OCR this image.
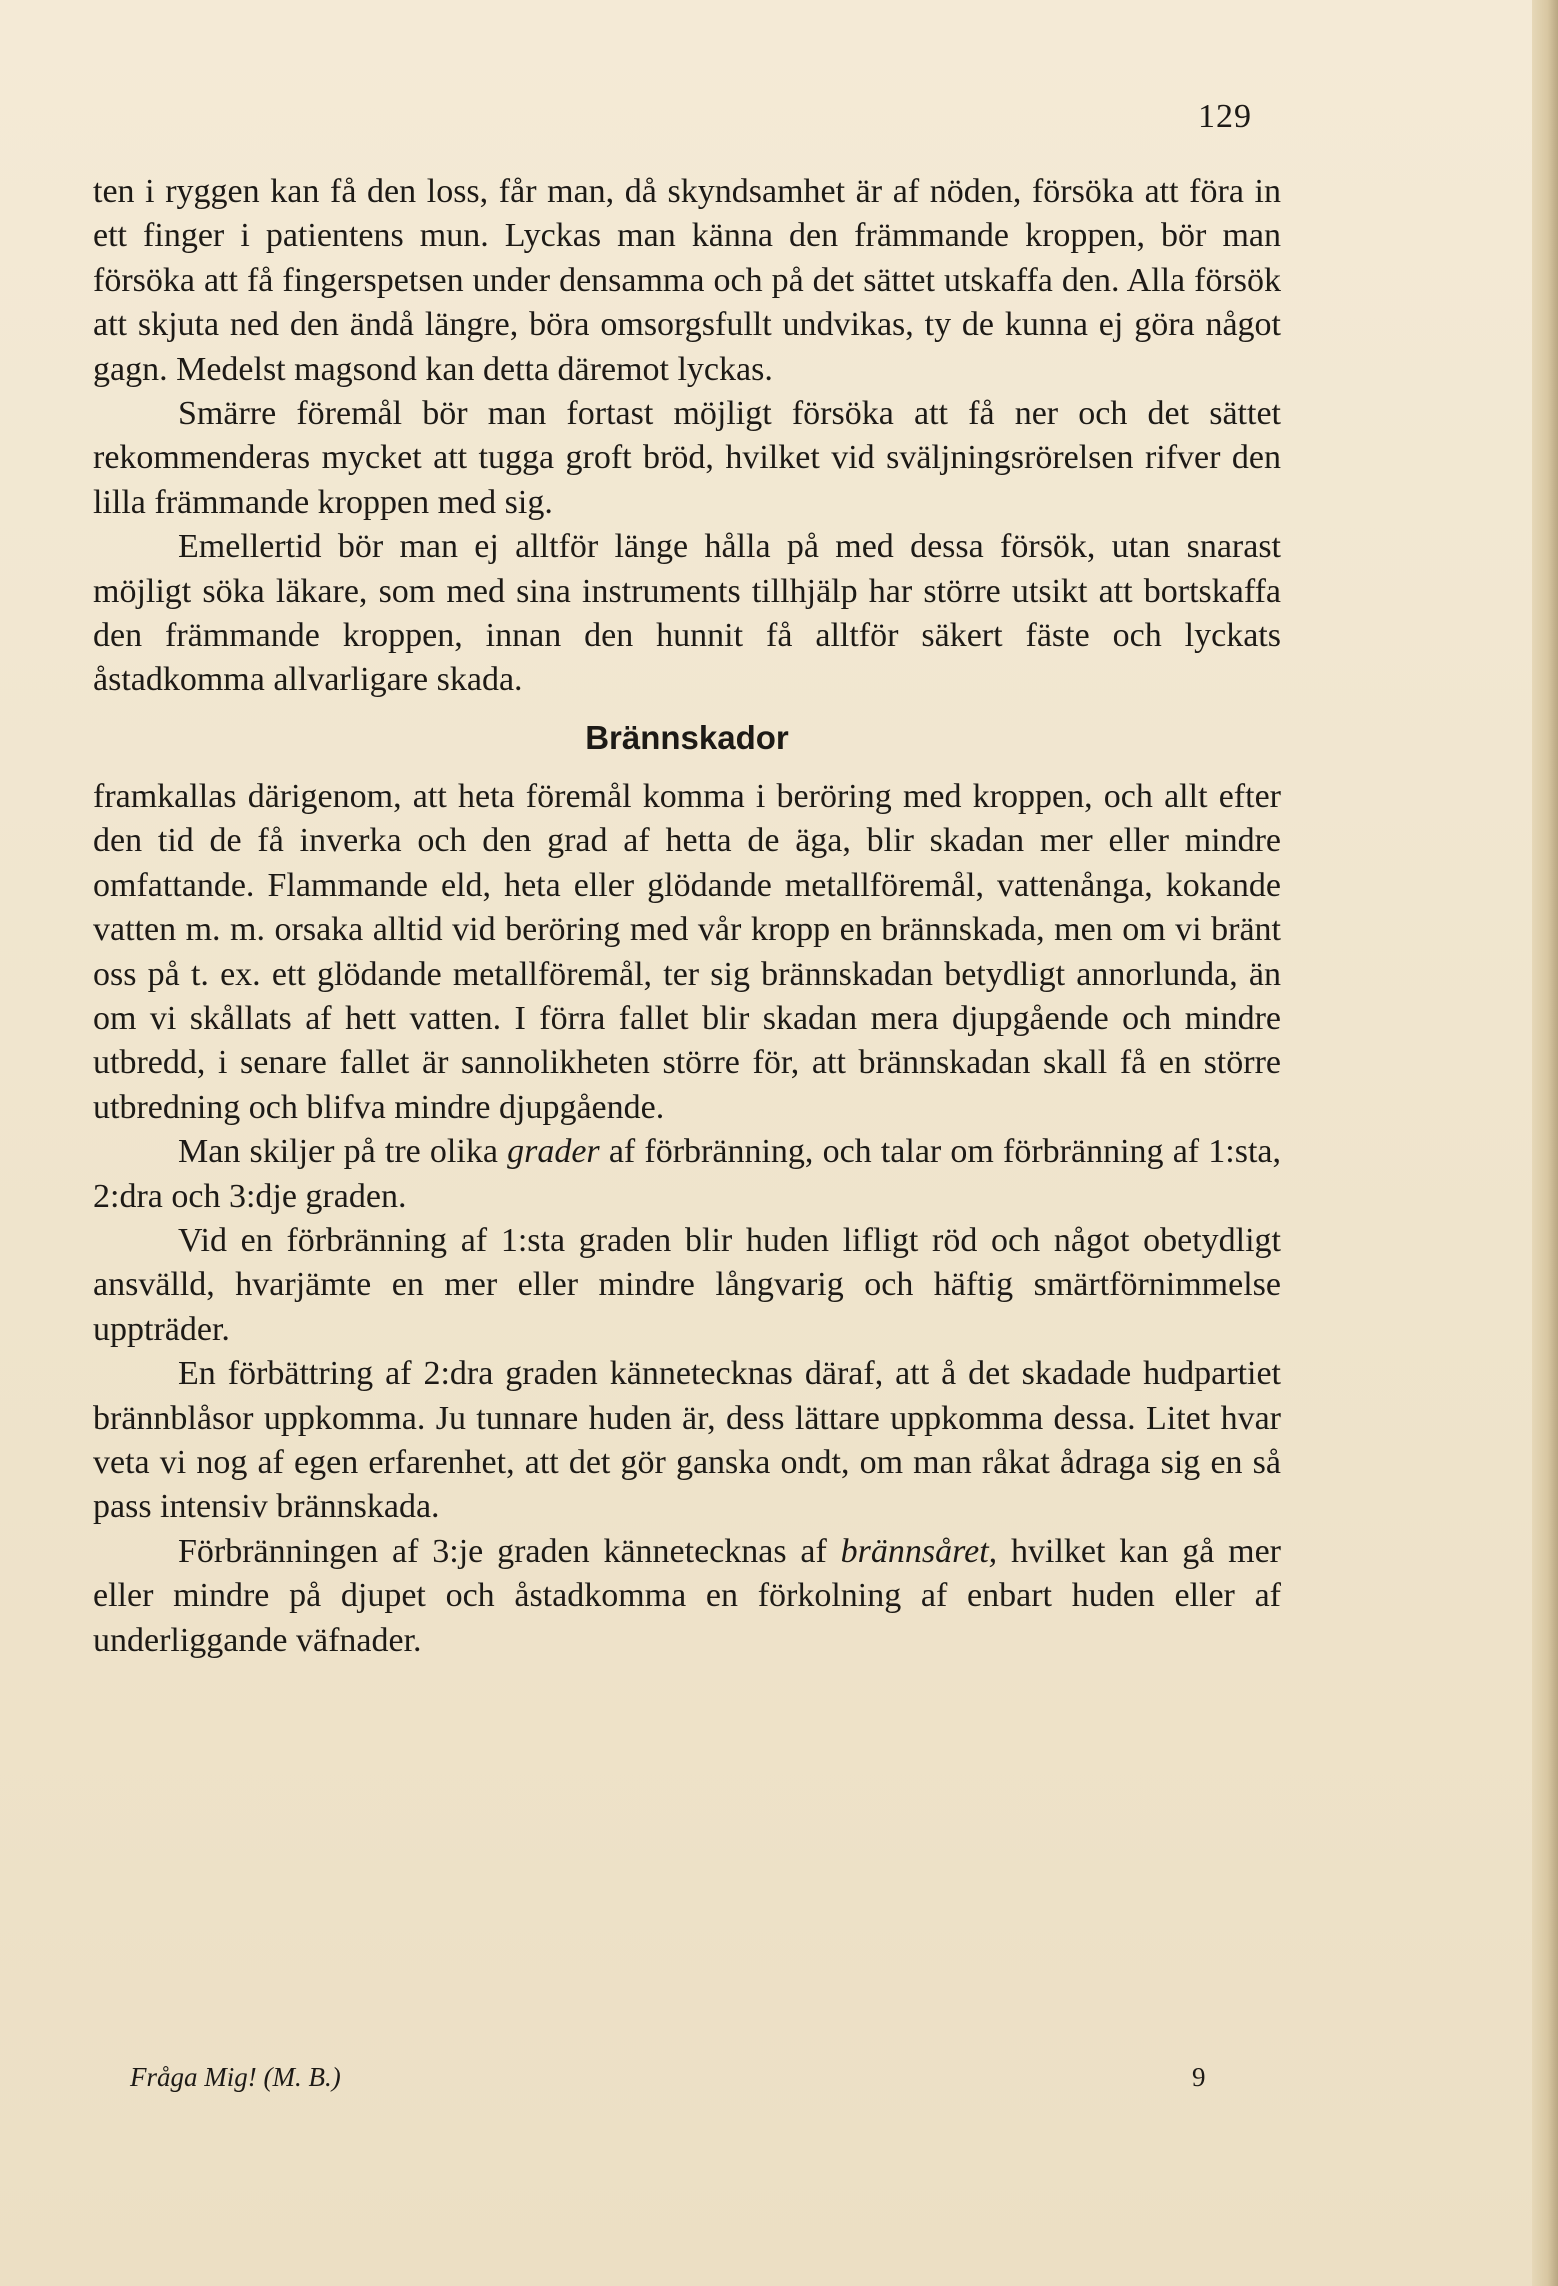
129

ten i ryggen kan få den loss, får man, då skyndsamhet är af nöden, försöka att föra in ett finger i patientens mun. Lyckas man känna den främmande kroppen, bör man försöka att få fingerspetsen under densamma och på det sättet utskaffa den. Alla försök att skjuta ned den ändå längre, böra omsorgsfullt undvikas, ty de kunna ej göra något gagn. Medelst magsond kan detta däremot lyckas.

Smärre föremål bör man fortast möjligt försöka att få ner och det sättet rekommenderas mycket att tugga groft bröd, hvilket vid sväljningsrörelsen rifver den lilla främmande kroppen med sig.

Emellertid bör man ej alltför länge hålla på med dessa försök, utan snarast möjligt söka läkare, som med sina instruments tillhjälp har större utsikt att bortskaffa den främmande kroppen, innan den hunnit få alltför säkert fäste och lyckats åstadkomma allvarligare skada.

Brännskador

framkallas därigenom, att heta föremål komma i beröring med kroppen, och allt efter den tid de få inverka och den grad af hetta de äga, blir skadan mer eller mindre omfattande. Flammande eld, heta eller glödande metallföremål, vattenånga, kokande vatten m. m. orsaka alltid vid beröring med vår kropp en brännskada, men om vi bränt oss på t. ex. ett glödande metallföremål, ter sig brännskadan betydligt annorlunda, än om vi skållats af hett vatten. I förra fallet blir skadan mera djupgående och mindre utbredd, i senare fallet är sannolikheten större för, att brännskadan skall få en större utbredning och blifva mindre djupgående.

Man skiljer på tre olika grader af förbränning, och talar om förbränning af 1:sta, 2:dra och 3:dje graden.

Vid en förbränning af 1:sta graden blir huden lifligt röd och något obetydligt ansvälld, hvarjämte en mer eller mindre långvarig och häftig smärtförnimmelse uppträder.

En förbättring af 2:dra graden kännetecknas däraf, att å det skadade hudpartiet brännblåsor uppkomma. Ju tunnare huden är, dess lättare uppkomma dessa. Litet hvar veta vi nog af egen erfarenhet, att det gör ganska ondt, om man råkat ådraga sig en så pass intensiv brännskada.

Förbränningen af 3:je graden kännetecknas af brännsåret, hvilket kan gå mer eller mindre på djupet och åstadkomma en förkolning af enbart huden eller af underliggande väfnader.

Fråga Mig! (M. B.)	9
